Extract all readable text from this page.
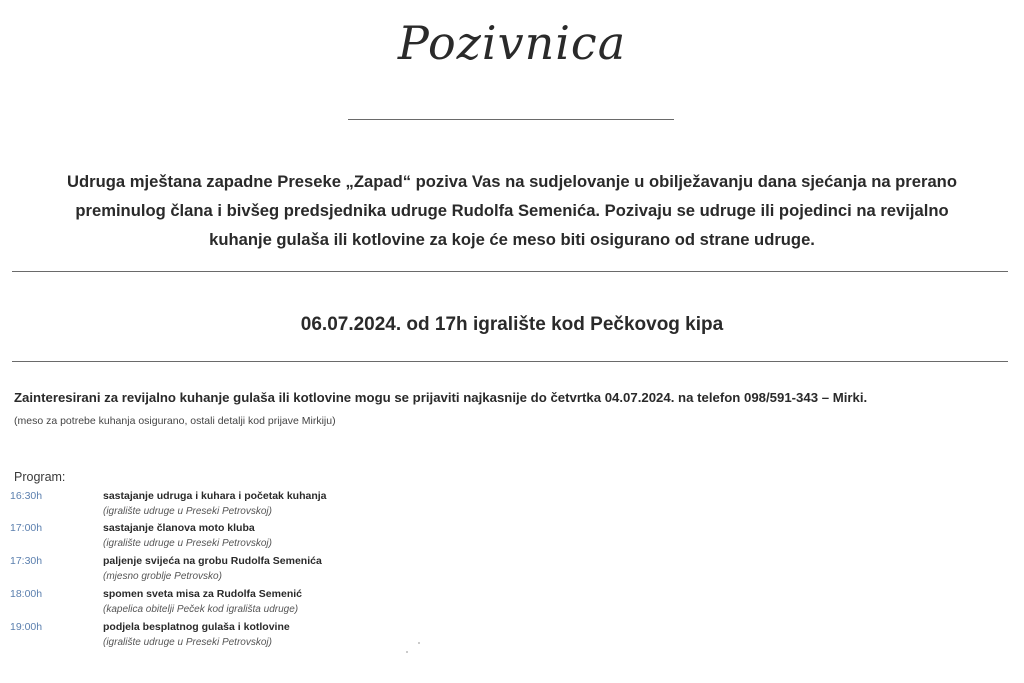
Pozivnica
Udruga mještana zapadne Preseke „Zapad“ poziva Vas na sudjelovanje u obilježavanju dana sjećanja na prerano
preminulog člana i bivšeg predsjednika udruge Rudolfa Semenića. Pozivaju se udruge ili pojedinci na revijalno
kuhanje gulaša ili kotlovine za koje će meso biti osigurano od strane udruge.
06.07.2024. od 17h igralište kod Pečkovog kipa
Zainteresirani za revijalno kuhanje gulaša ili kotlovine mogu se prijaviti najkasnije do četvrtka 04.07.2024. na telefon 098/591-343 – Mirki.
(meso za potrebe kuhanja osigurano, ostali detalji kod prijave Mirkiju)
Program:
16:30h	sastajanje udruga i kuhara i početak kuhanja
(igralište udruge u Preseki Petrovskoj)
17:00h	sastajanje članova moto kluba
(igralište udruge u Preseki Petrovskoj)
17:30h	paljenje svijeća na grobu Rudolfa Semenića
(mjesno groblje Petrovsko)
18:00h	spomen sveta misa za Rudolfa Semenić
(kapelica obitelji Peček kod igrališta udruge)
19:00h	podjela besplatnog gulaša i kotlovine
(igralište udruge u Preseki Petrovskoj)
